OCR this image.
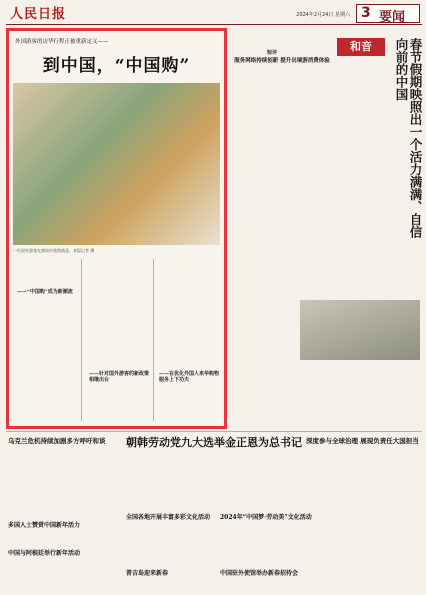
人民日报	2024年2月24日 星期六 3 要闻
外国游客的访华行程正被重新定义——
到中国，“中国购”
一位国外游客在商场中选购商品。本报记者 摄
——“中国购”成为新潮流
——针对国外游客的新政策相继出台
——在优化外国人来华购物服务上下功夫
短评
服务网络持续创新 提升出境游消费体验
和音	春节假期映照出一个活力满满、自信向前的中国
乌克兰危机持续加剧多方呼吁和谈	朝韩劳动党九大选举金正恩为总书记 深度参与全球治理 展现负责任大国担当
多国人士赞赏中国新年活力
中国与阿根廷举行新年活动
全国各地开展丰富多彩文化活动 2024年“中国梦·劳动美”文化活动
普吉岛迎来新春	中国驻外使馆举办新春招待会
